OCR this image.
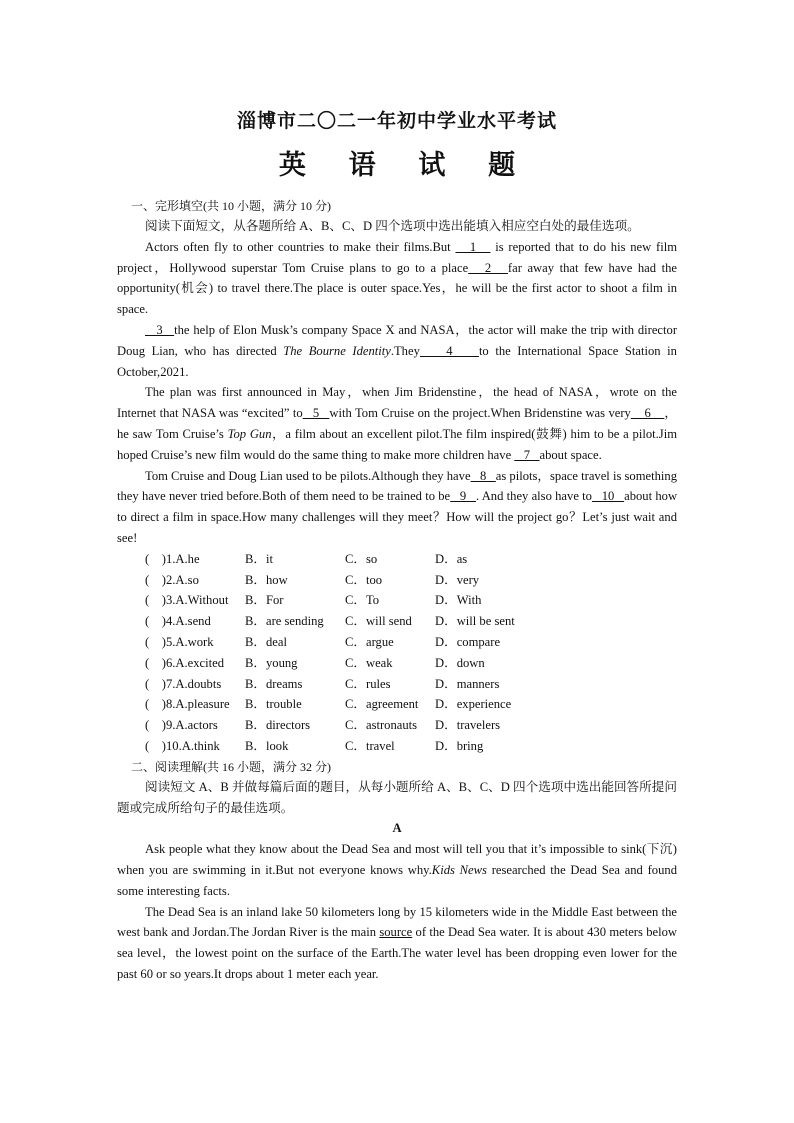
淄博市二〇二一年初中学业水平考试
英 语 试 题
一、完形填空(共 10 小题，满分 10 分)

阅读下面短文，从各题所给 A、B、C、D 四个选项中选出能填入相应空白处的最佳选项。

Actors often fly to other countries to make their films.But    1    is reported that to do his new film project，Hollywood superstar Tom Cruise plans to go to a place   2   far away that few have had the opportunity(机会) to travel there.The place is outer space.Yes，he will be the first actor to shoot a film in space.

3   the help of Elon Musk’s company Space X and NASA，the actor will make the trip with director Doug Lian, who has directed The Bourne Identity.They    4    to the International Space Station in October,2021.

The plan was first announced in May，when Jim Bridenstine，the head of NASA，wrote on the Internet that NASA was “excited” to   5   with Tom Cruise on the project.When Bridenstine was very    6    ，he saw Tom Cruise’s Top Gun，a film about an excellent pilot.The film inspired(鼓舞) him to be a pilot.Jim hoped Cruise’s new film would do the same thing to make more children have    7   about space.

Tom Cruise and Doug Lian used to be pilots.Although they have   8   as pilots，space travel is something they have never tried before.Both of them need to be trained to be   9   . And they also have to   10   about how to direct a film in space.How many challenges will they meet？How will the project go？Let’s just wait and see!

(    )1.A.he	B．it	C．so	D．as
(    )2.A.so	B．how	C．too	D．very
(    )3.A.Without	B．For	C．To	D．With
(    )4.A.send	B．are sending	C．will send	D．will be sent
(    )5.A.work	B．deal	C．argue	D．compare
(    )6.A.excited	B．young	C．weak	D．down
(    )7.A.doubts	B．dreams	C．rules	D．manners
(    )8.A.pleasure	B．trouble	C．agreement	D．experience
(    )9.A.actors	B．directors	C．astronauts	D．travelers
(    )10.A.think	B．look	C．travel	D．bring
二、阅读理解(共 16 小题，满分 32 分)

阅读短文 A、B 并做每篇后面的题目，从每小题所给 A、B、C、D 四个选项中选出能回答所提问题或完成所给句子的最佳选项。

A

Ask people what they know about the Dead Sea and most will tell you that it’s impossible to sink(下沉) when you are swimming in it.But not everyone knows why.Kids News researched the Dead Sea and found some interesting facts.

The Dead Sea is an inland lake 50 kilometers long by 15 kilometers wide in the Middle East between the west bank and Jordan.The Jordan River is the main source of the Dead Sea water. It is about 430 meters below sea level，the lowest point on the surface of the Earth.The water level has been dropping even lower for the past 60 or so years.It drops about 1 meter each year.
